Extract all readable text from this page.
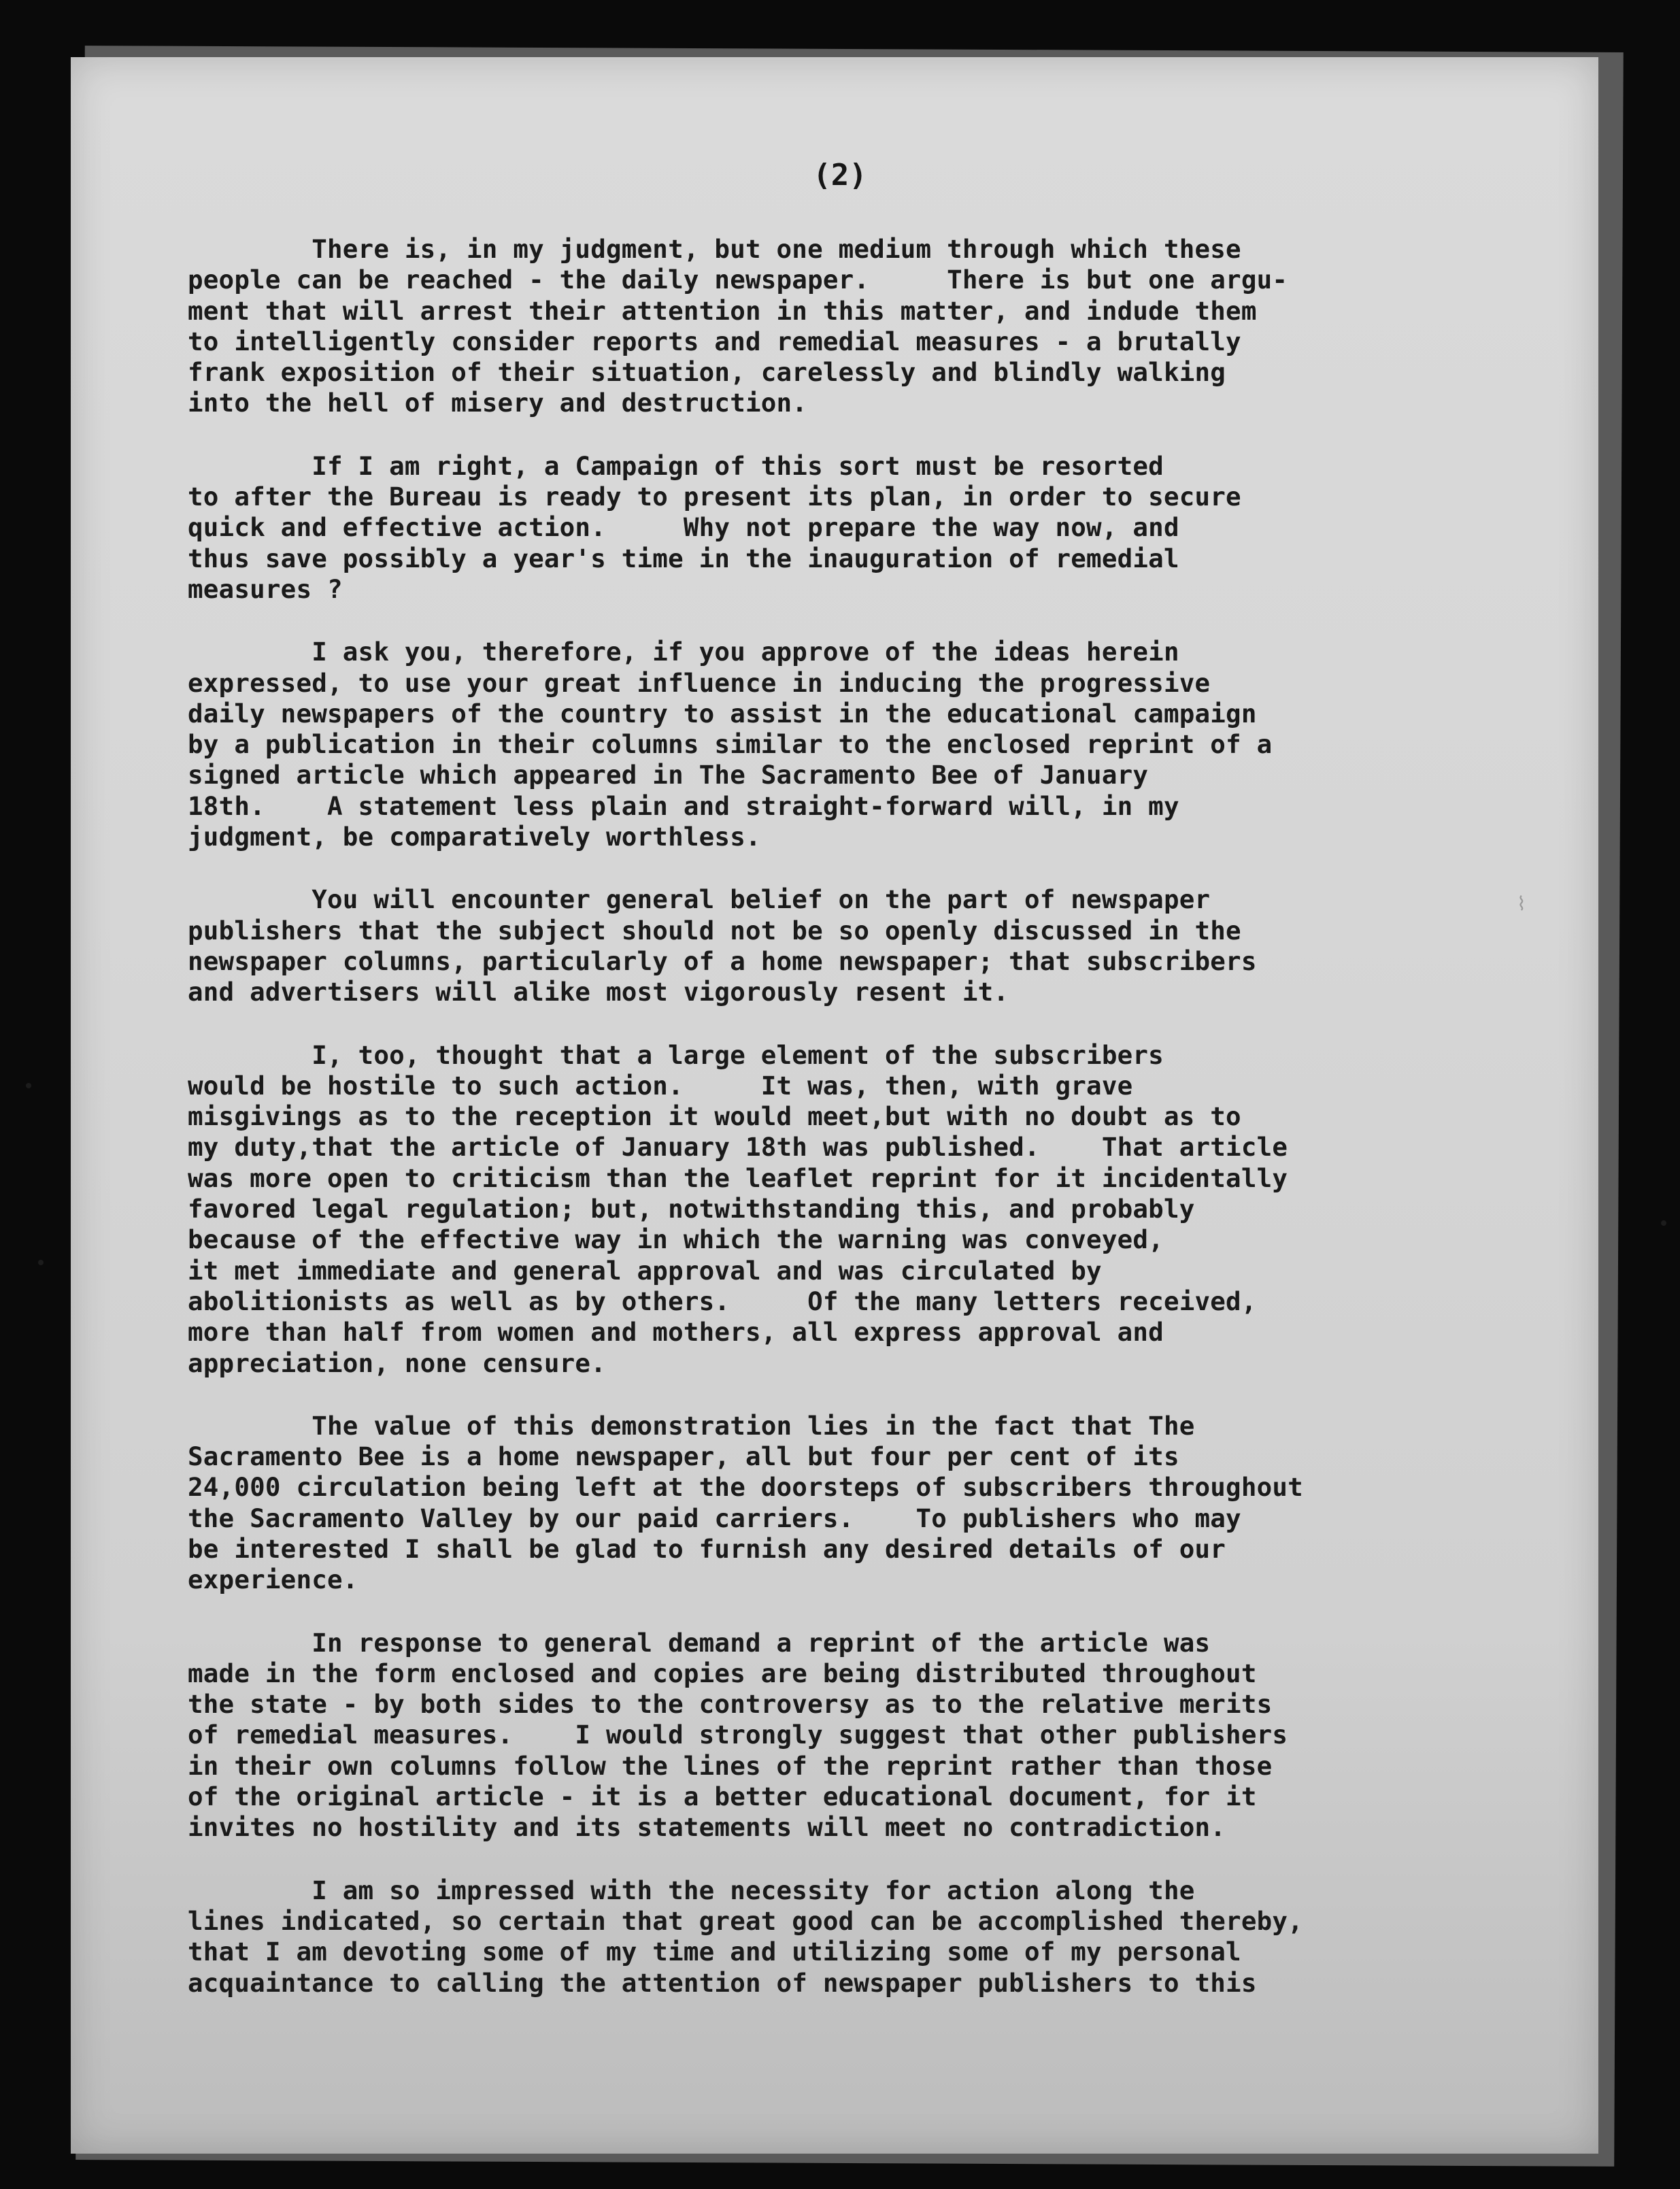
(2)
There is, in my judgment, but one medium through which these
people can be reached - the daily newspaper.     There is but one argu-
ment that will arrest their attention in this matter, and indude them
to intelligently consider reports and remedial measures - a brutally
frank exposition of their situation, carelessly and blindly walking
into the hell of misery and destruction.
If I am right, a Campaign of this sort must be resorted
to after the Bureau is ready to present its plan, in order to secure
quick and effective action.     Why not prepare the way now, and
thus save possibly a year's time in the inauguration of remedial
measures ?
I ask you, therefore, if you approve of the ideas herein
expressed, to use your great influence in inducing the progressive
daily newspapers of the country to assist in the educational campaign
by a publication in their columns similar to the enclosed reprint of a
signed article which appeared in The Sacramento Bee of January
18th.    A statement less plain and straight-forward will, in my
judgment, be comparatively worthless.
You will encounter general belief on the part of newspaper
publishers that the subject should not be so openly discussed in the
newspaper columns, particularly of a home newspaper; that subscribers
and advertisers will alike most vigorously resent it.
I, too, thought that a large element of the subscribers
would be hostile to such action.     It was, then, with grave
misgivings as to the reception it would meet,but with no doubt as to
my duty,that the article of January 18th was published.    That article
was more open to criticism than the leaflet reprint for it incidentally
favored legal regulation; but, notwithstanding this, and probably
because of the effective way in which the warning was conveyed,
it met immediate and general approval and was circulated by
abolitionists as well as by others.     Of the many letters received,
more than half from women and mothers, all express approval and
appreciation, none censure.
The value of this demonstration lies in the fact that The
Sacramento Bee is a home newspaper, all but four per cent of its
24,000 circulation being left at the doorsteps of subscribers throughout
the Sacramento Valley by our paid carriers.    To publishers who may
be interested I shall be glad to furnish any desired details of our
experience.
In response to general demand a reprint of the article was
made in the form enclosed and copies are being distributed throughout
the state - by both sides to the controversy as to the relative merits
of remedial measures.    I would strongly suggest that other publishers
in their own columns follow the lines of the reprint rather than those
of the original article - it is a better educational document, for it
invites no hostility and its statements will meet no contradiction.
I am so impressed with the necessity for action along the
lines indicated, so certain that great good can be accomplished thereby,
that I am devoting some of my time and utilizing some of my personal
acquaintance to calling the attention of newspaper publishers to this
⌇
